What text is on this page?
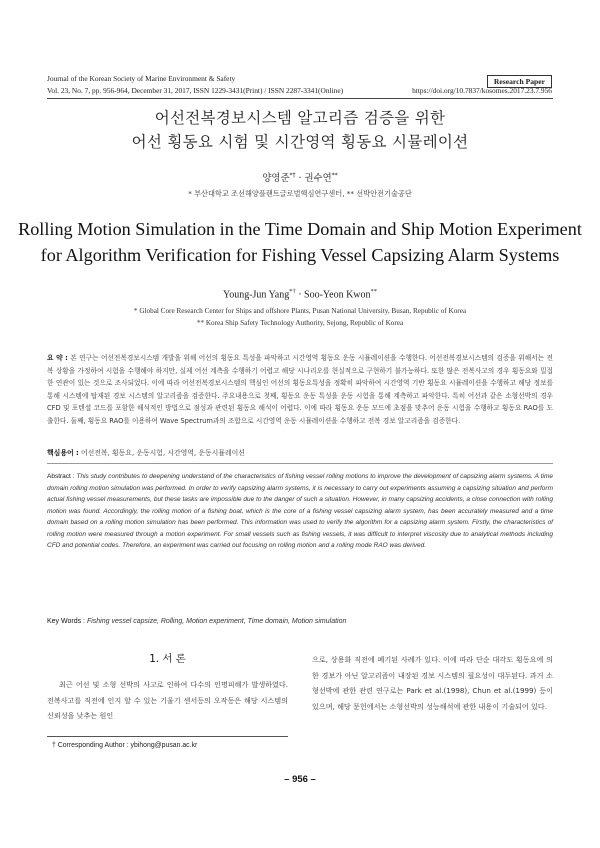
Journal of the Korean Society of Marine Environment & Safety	Research Paper
Vol. 23, No. 7, pp. 956-964, December 31, 2017, ISSN 1229-3431(Print) / ISSN 2287-3341(Online)	https://doi.org/10.7837/kosomes.2017.23.7.956
어선전복경보시스템 알고리즘 검증을 위한
어선 횡동요 시험 및 시간영역 횡동요 시뮬레이션
양영준*† · 권수연**
* 부산대학교 조선해양플랜트글로벌핵심연구센터, ** 선박안전기술공단
Rolling Motion Simulation in the Time Domain and Ship Motion Experiment
for Algorithm Verification for Fishing Vessel Capsizing Alarm Systems
Young-Jun Yang*† · Soo-Yeon Kwon**
* Global Core Research Center for Ships and offshore Plants, Pusan National University, Busan, Republic of Korea
** Korea Ship Safety Technology Authority, Sejong, Republic of Korea
요 약 : 본 연구는 어선전복경보시스템 개발을 위해 어선의 횡동요 특성을 파악하고 시간영역 횡동요 운동 시뮬레이션을 수행한다. 어선전복경보시스템의 검증을 위해서는 전복 상황을 가정하여 시험을 수행해야 하지만, 실제 어선 계측을 수행하기 어렵고 해당 시나리오를 현실적으로 구현하기 불가능하다. 또한 많은 전복사고의 경우 횡동요와 밀접한 연관이 있는 것으로 조사되었다. 이에 따라 어선전복경보시스템의 핵심인 어선의 횡동요특성을 정확히 파악하여 시간영역 기반 횡동요 시뮬레이션을 수행하고 해당 정보를 통해 시스템에 탑재된 경보 시스템의 알고리즘을 검증한다. 주요내용으로 첫째, 횡동요 운동 특성을 운동 시험을 통해 계측하고 파악한다. 특히 어선과 같은 소형선박의 경우 CFD 및 포텐셜 코드를 포함한 해석적인 방법으로 점성과 관련된 횡동요 해석이 어렵다. 이에 따라 횡동요 운동 모드에 초점을 맞추어 운동 시험을 수행하고 횡동요 RAO를 도출한다. 둘째, 횡동요 RAO를 이용하여 Wave Spectrum과의 조합으로 시간영역 운동 시뮬레이션을 수행하고 전복 경보 알고리즘을 검증한다.
핵심용어 : 어선전복, 횡동요, 운동시험, 시간영역, 운동시뮬레이션
Abstract : This study contributes to deepening understand of the characteristics of fishing vessel rolling motions to improve the development of capsizing alarm systems. A time domain rolling motion simulation was performed. In order to verify capsizing alarm systems, it is necessary to carry out experiments assuming a capsizing situation and perform actual fishing vessel measurements, but these tasks are impossible due to the danger of such a situation. However, in many capsizing accidents, a close connection with rolling motion was found. Accordingly, the rolling motion of a fishing boat, which is the core of a fishing vessel capsizing alarm system, has been accurately measured and a time domain based on a rolling motion simulation has been performed. This information was used to verify the algorithm for a capsizing alarm system. Firstly, the characteristics of rolling motion were measured through a motion experiment. For small vessels such as fishing vessels, it was difficult to interpret viscosity due to analytical methods including CFD and potential codes. Therefore, an experiment was carried out focusing on rolling motion and a rolling mode RAO was derived.
Key Words : Fishing vessel capsize, Rolling, Motion experiment, Time domain, Motion simulation
1. 서 론
최근 어선 및 소형 선박의 사고로 인하여 다수의 인명피해가 발생하였다. 전복사고를 직전에 인지 할 수 있는 기울기 센서등의 오작동은 해당 시스템의 신뢰성을 낮추는 원인
으로, 상용화 직전에 폐기된 사례가 있다. 이에 따라 단순 대각도 횡동요에 의한 경보가 아닌 알고리즘이 내장된 경보 시스템의 필요성이 대두된다. 과거 소형선박에 관한 관련 연구로는 Park et al.(1998), Chun et al.(1999) 등이 있으며, 해당 문헌에서는 소형선박의 성능해석에 관한 내용이 기술되어 있다.
† Corresponding Author : ybihong@pusan.ac.kr
– 956 –
